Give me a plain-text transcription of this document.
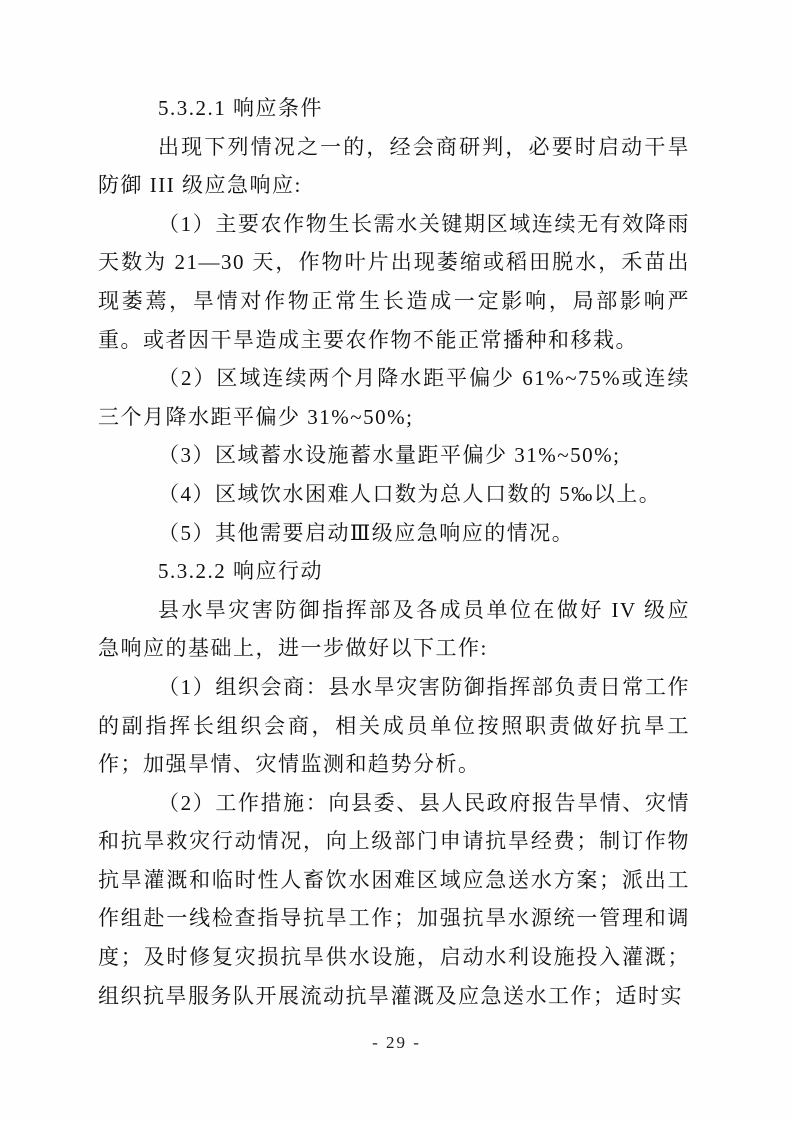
5.3.2.1 响应条件

出现下列情况之一的，经会商研判，必要时启动干旱防御 III 级应急响应:

（1）主要农作物生长需水关键期区域连续无有效降雨天数为 21—30 天，作物叶片出现萎缩或稻田脱水，禾苗出现萎蔫，旱情对作物正常生长造成一定影响，局部影响严重。或者因干旱造成主要农作物不能正常播种和移栽。

（2）区域连续两个月降水距平偏少 61%~75%或连续三个月降水距平偏少 31%~50%;

（3）区域蓄水设施蓄水量距平偏少 31%~50%;

（4）区域饮水困难人口数为总人口数的 5‰以上。

（5）其他需要启动Ⅲ级应急响应的情况。

5.3.2.2 响应行动

县水旱灾害防御指挥部及各成员单位在做好 IV 级应急响应的基础上，进一步做好以下工作:

（1）组织会商：县水旱灾害防御指挥部负责日常工作的副指挥长组织会商，相关成员单位按照职责做好抗旱工作；加强旱情、灾情监测和趋势分析。

（2）工作措施：向县委、县人民政府报告旱情、灾情和抗旱救灾行动情况，向上级部门申请抗旱经费；制订作物抗旱灌溉和临时性人畜饮水困难区域应急送水方案；派出工作组赴一线检查指导抗旱工作；加强抗旱水源统一管理和调度；及时修复灾损抗旱供水设施，启动水利设施投入灌溉；组织抗旱服务队开展流动抗旱灌溉及应急送水工作；适时实

- 29 -
